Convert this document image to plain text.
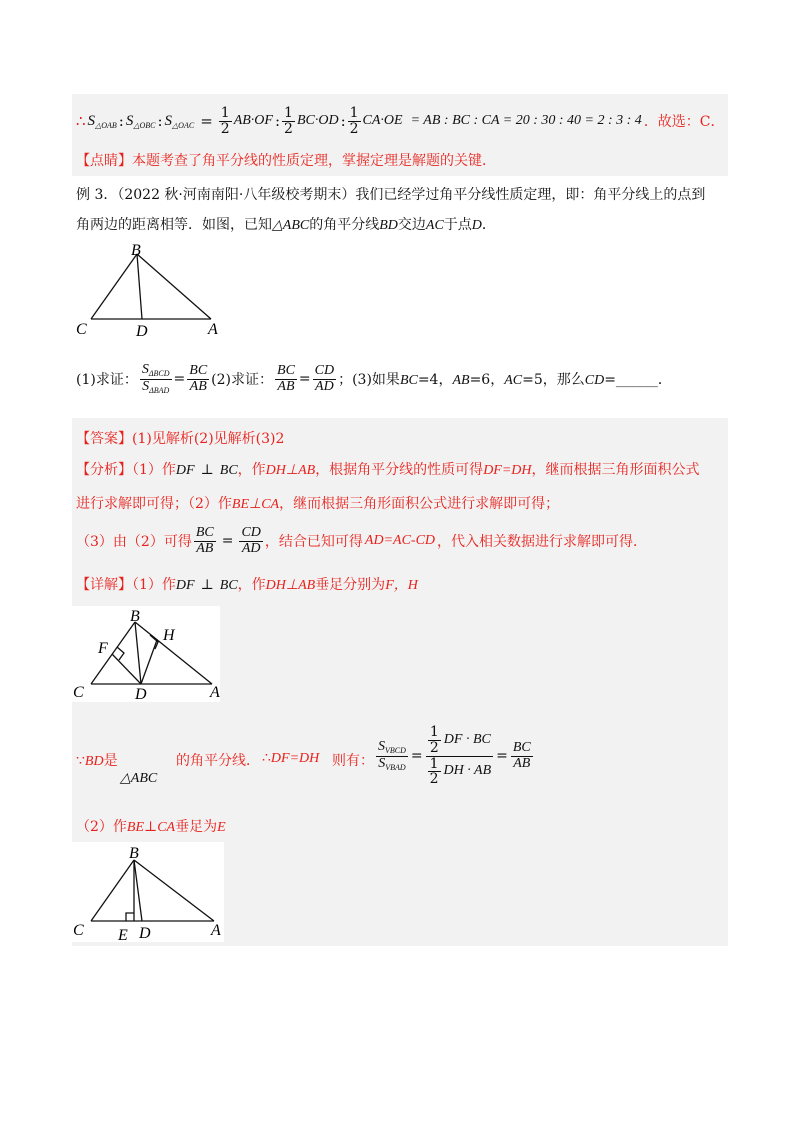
∴ $S_{\triangle OAB}$ : $S_{\triangle OBC}$ : $S_{\triangle OAC} = \frac{1}{2} AB\cdot OF$ : $\frac{1}{2} BC\cdot OD$ : $\frac{1}{2} CA\cdot OE$ = AB : BC : CA = 20 : 30 : 40 = 2 : 3 : 4 ．故选：C．
【点睛】本题考查了角平分线的性质定理，掌握定理是解题的关键．
例 3．（2022 秋·河南南阳·八年级校考期末）我们已经学过角平分线性质定理，即：角平分线上的点到
角两边的距离相等．如图，已知△ABC的角平分线BD交边AC于点D．
B
C	D	A
(1)求证： $\frac{S_{\Delta BCD}}{S_{\Delta BAD}} = \frac{BC}{AB} (2)$求证： $\frac{BC}{AB} = \frac{CD}{AD}$ ；(3)如果BC=4，AB=6，AC=5，那么CD=______．
【答案】(1)见解析(2)见解析(3)2
【分析】（1）作DF ⊥ BC，作DH⊥AB，根据角平分线的性质可得DF=DH，继而根据三角形面积公式
进行求解即可得；（2）作BE⊥CA，继而根据三角形面积公式进行求解即可得；
（3）由（2）可得 $\frac{BC}{AB} = \frac{CD}{AD}$ ，结合已知可得 AD=AC-CD ，代入相关数据进行求解即可得．
【详解】（1）作DF ⊥ BC，作DH⊥AB垂足分别为F，H
B
F
H
C	D	A
∵BD是
△ABC
的角平分线． ∴DF=DH 则有： $\frac{S_{VBCD}}{S_{VBAD}} = \frac{\frac{1}{2} DF \cdot BC}{\frac{1}{2} DH \cdot AB} = \frac{BC}{AB}$
（2）作BE⊥CA垂足为E
B
C E D	A
